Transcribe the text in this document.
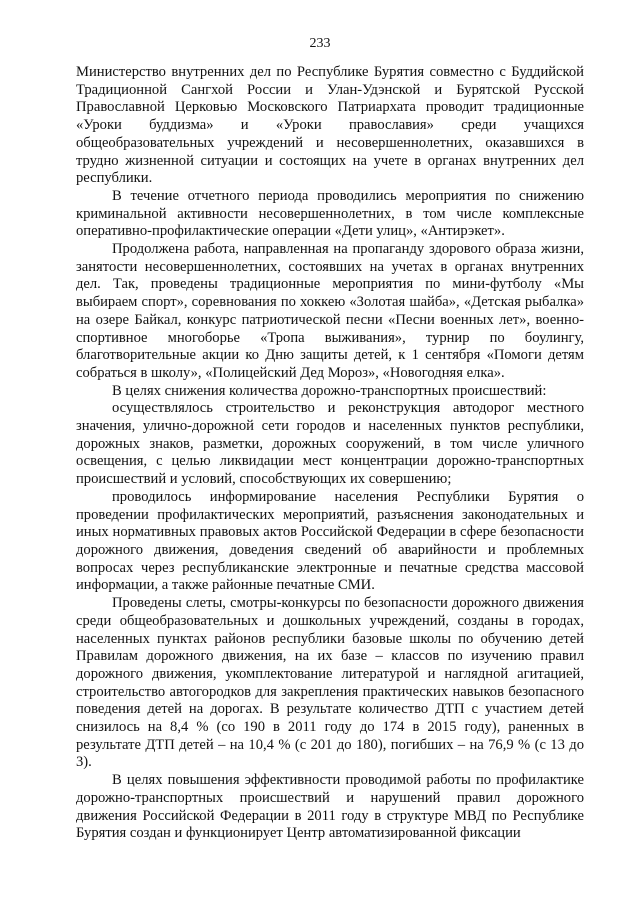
233

Министерство внутренних дел по Республике Бурятия совместно с Буддийской Традиционной Сангхой России и Улан-Удэнской и Бурятской Русской Православной Церковью Московского Патриархата проводит традиционные «Уроки буддизма» и «Уроки православия» среди учащихся общеобразовательных учреждений и несовершеннолетних, оказавшихся в трудно жизненной ситуации и состоящих на учете в органах внутренних дел республики.

В течение отчетного периода проводились мероприятия по снижению криминальной активности несовершеннолетних, в том числе комплексные оперативно-профилактические операции «Дети улиц», «Антирэкет».

Продолжена работа, направленная на пропаганду здорового образа жизни, занятости несовершеннолетних, состоявших на учетах в органах внутренних дел. Так, проведены традиционные мероприятия по мини-футболу «Мы выбираем спорт», соревнования по хоккею «Золотая шайба», «Детская рыбалка» на озере Байкал, конкурс патриотической песни «Песни военных лет», военно-спортивное многоборье «Тропа выживания», турнир по боулингу, благотворительные акции ко Дню защиты детей, к 1 сентября «Помоги детям собраться в школу», «Полицейский Дед Мороз», «Новогодняя елка».

В целях снижения количества дорожно-транспортных происшествий:

осуществлялось строительство и реконструкция автодорог местного значения, улично-дорожной сети городов и населенных пунктов республики, дорожных знаков, разметки, дорожных сооружений, в том числе уличного освещения, с целью ликвидации мест концентрации дорожно-транспортных происшествий и условий, способствующих их совершению;

проводилось информирование населения Республики Бурятия о проведении профилактических мероприятий, разъяснения законодательных и иных нормативных правовых актов Российской Федерации в сфере безопасности дорожного движения, доведения сведений об аварийности и проблемных вопросах через республиканские электронные и печатные средства массовой информации, а также районные печатные СМИ.

Проведены слеты, смотры-конкурсы по безопасности дорожного движения среди общеобразовательных и дошкольных учреждений, созданы в городах, населенных пунктах районов республики базовые школы по обучению детей Правилам дорожного движения, на их базе – классов по изучению правил дорожного движения, укомплектование литературой и наглядной агитацией, строительство автогородков для закрепления практических навыков безопасного поведения детей на дорогах. В результате количество ДТП с участием детей снизилось на 8,4 % (со 190 в 2011 году до 174 в 2015 году), раненных в результате ДТП детей – на 10,4 % (с 201 до 180), погибших – на 76,9 % (с 13 до 3).

В целях повышения эффективности проводимой работы по профилактике дорожно-транспортных происшествий и нарушений правил дорожного движения Российской Федерации в 2011 году в структуре МВД по Республике Бурятия создан и функционирует Центр автоматизированной фиксации
